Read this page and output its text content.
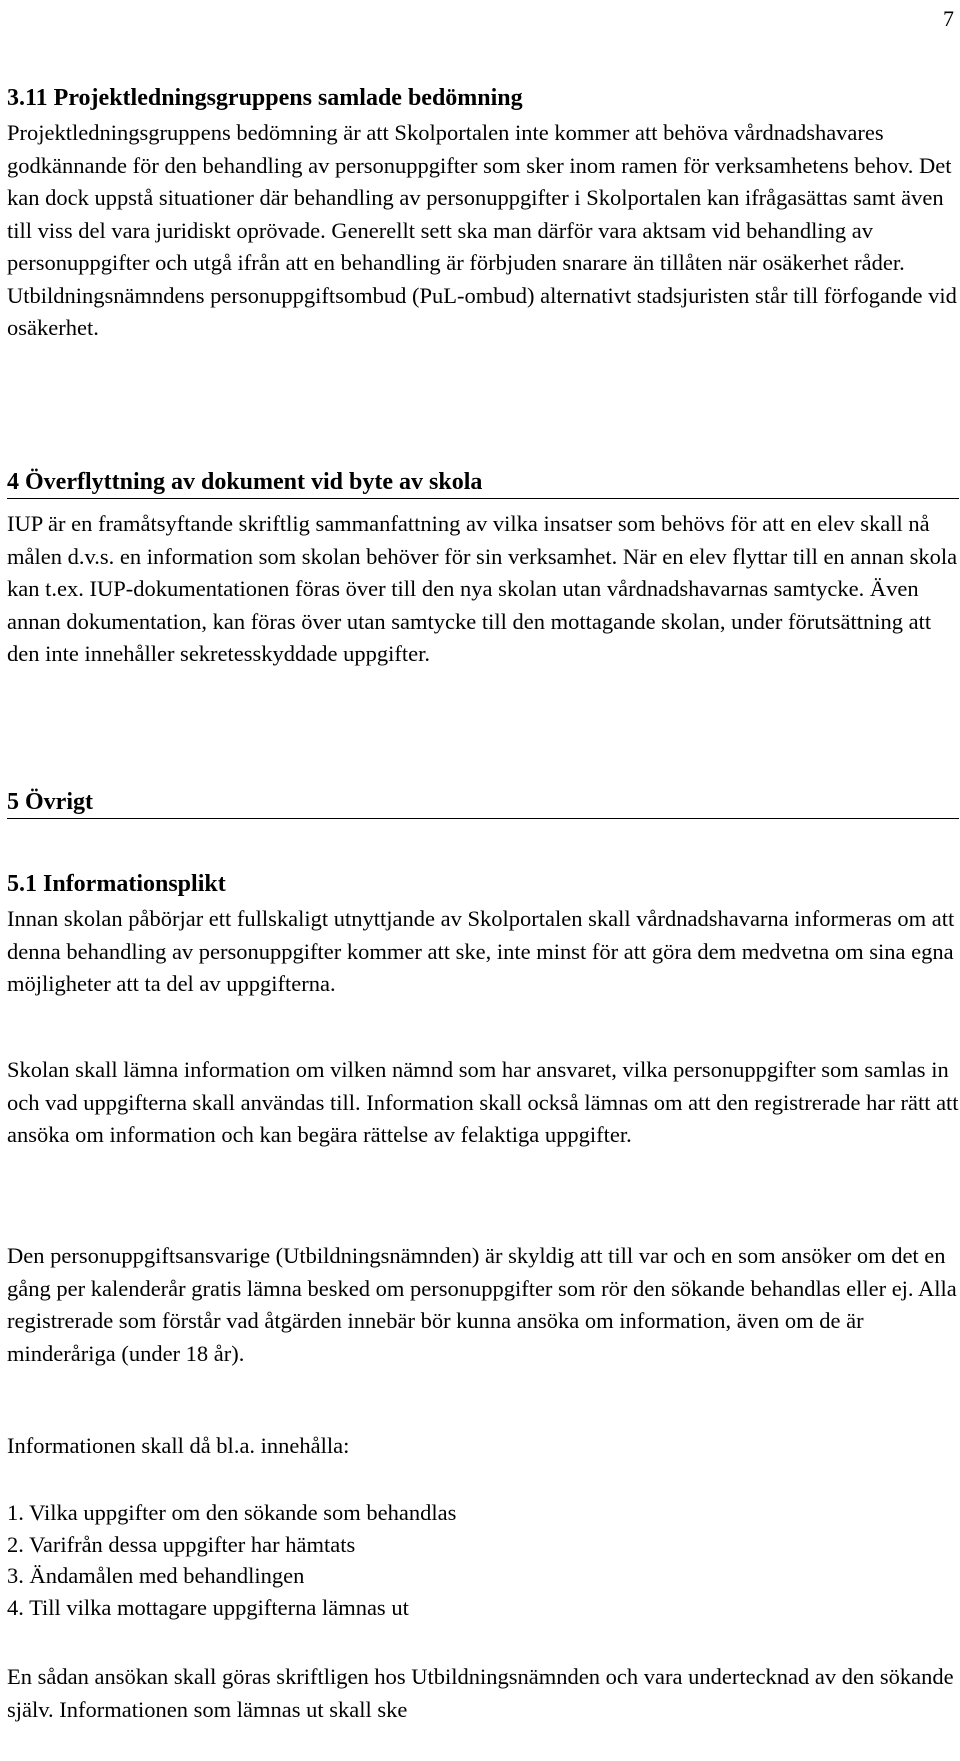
7
3.11 Projektledningsgruppens samlade bedömning

Projektledningsgruppens bedömning är att Skolportalen inte kommer att behöva vårdnadshavares godkännande för den behandling av personuppgifter som sker inom ramen för verksamhetens behov. Det kan dock uppstå situationer där behandling av personuppgifter i Skolportalen kan ifrågasättas samt även till viss del vara juridiskt oprövade. Generellt sett ska man därför vara aktsam vid behandling av personuppgifter och utgå ifrån att en behandling är förbjuden snarare än tillåten när osäkerhet råder. Utbildningsnämndens personuppgiftsombud (PuL-ombud) alternativt stadsjuristen står till förfogande vid osäkerhet.

4 Överflyttning av dokument vid byte av skola

IUP är en framåtsyftande skriftlig sammanfattning av vilka insatser som behövs för att en elev skall nå målen d.v.s. en information som skolan behöver för sin verksamhet. När en elev flyttar till en annan skola kan t.ex. IUP-dokumentationen föras över till den nya skolan utan vårdnadshavarnas samtycke. Även annan dokumentation, kan föras över utan samtycke till den mottagande skolan, under förutsättning att den inte innehåller sekretesskyddade uppgifter.

5 Övrigt
5.1 Informationsplikt

Innan skolan påbörjar ett fullskaligt utnyttjande av Skolportalen skall vårdnadshavarna informeras om att denna behandling av personuppgifter kommer att ske, inte minst för att göra dem medvetna om sina egna möjligheter att ta del av uppgifterna.

Skolan skall lämna information om vilken nämnd som har ansvaret, vilka personuppgifter som samlas in och vad uppgifterna skall användas till. Information skall också lämnas om att den registrerade har rätt att ansöka om information och kan begära rättelse av felaktiga uppgifter.

Den personuppgiftsansvarige (Utbildningsnämnden) är skyldig att till var och en som ansöker om det en gång per kalenderår gratis lämna besked om personuppgifter som rör den sökande behandlas eller ej. Alla registrerade som förstår vad åtgärden innebär bör kunna ansöka om information, även om de är minderåriga (under 18 år).

Informationen skall då bl.a. innehålla:

1. Vilka uppgifter om den sökande som behandlas
2. Varifrån dessa uppgifter har hämtats
3. Ändamålen med behandlingen
4. Till vilka mottagare uppgifterna lämnas ut

En sådan ansökan skall göras skriftligen hos Utbildningsnämnden och vara undertecknad av den sökande själv. Informationen som lämnas ut skall ske
